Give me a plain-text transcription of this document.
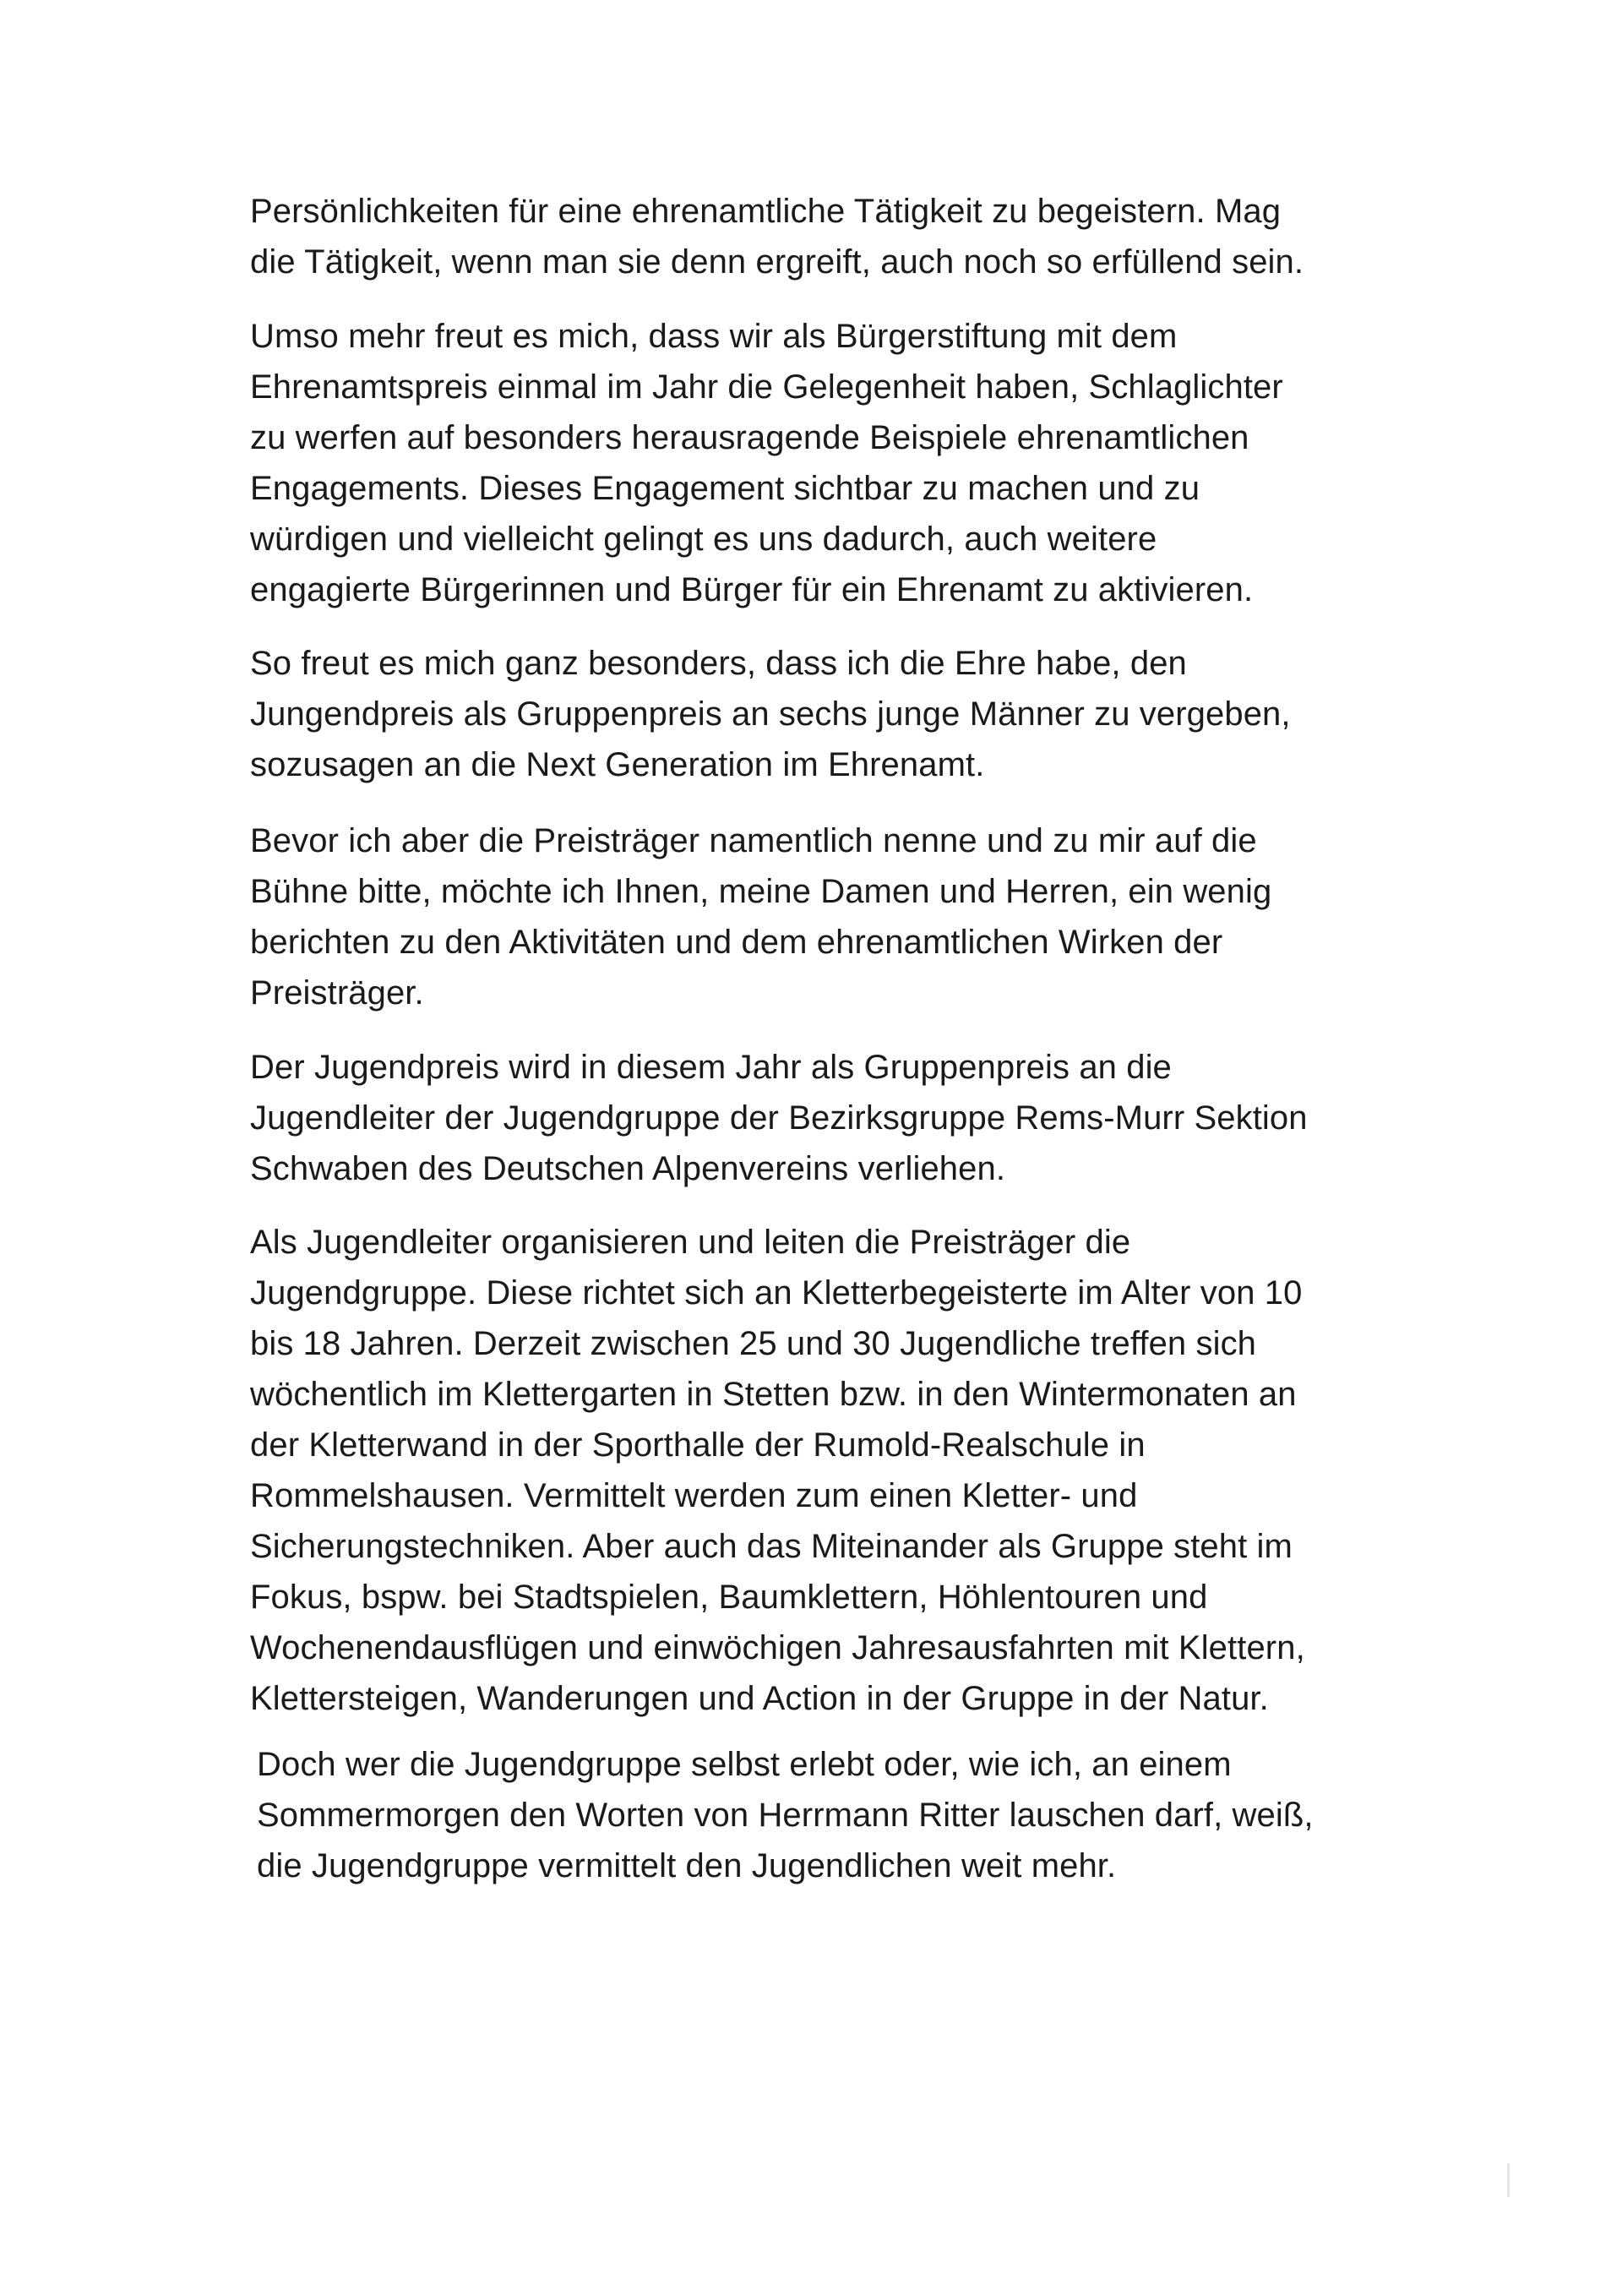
Persönlichkeiten für eine ehrenamtliche Tätigkeit zu begeistern. Mag
die Tätigkeit, wenn man sie denn ergreift, auch noch so erfüllend sein.

Umso mehr freut es mich, dass wir als Bürgerstiftung mit dem
Ehrenamtspreis einmal im Jahr die Gelegenheit haben, Schlaglichter
zu werfen auf besonders herausragende Beispiele ehrenamtlichen
Engagements. Dieses Engagement sichtbar zu machen und zu
würdigen und vielleicht gelingt es uns dadurch, auch weitere
engagierte Bürgerinnen und Bürger für ein Ehrenamt zu aktivieren.

So freut es mich ganz besonders, dass ich die Ehre habe, den
Jungendpreis als Gruppenpreis an sechs junge Männer zu vergeben,
sozusagen an die Next Generation im Ehrenamt.

Bevor ich aber die Preisträger namentlich nenne und zu mir auf die
Bühne bitte, möchte ich Ihnen, meine Damen und Herren, ein wenig
berichten zu den Aktivitäten und dem ehrenamtlichen Wirken der
Preisträger.

Der Jugendpreis wird in diesem Jahr als Gruppenpreis an die
Jugendleiter der Jugendgruppe der Bezirksgruppe Rems-Murr Sektion
Schwaben des Deutschen Alpenvereins verliehen.

Als Jugendleiter organisieren und leiten die Preisträger die
Jugendgruppe. Diese richtet sich an Kletterbegeisterte im Alter von 10
bis 18 Jahren. Derzeit zwischen 25 und 30 Jugendliche treffen sich
wöchentlich im Klettergarten in Stetten bzw. in den Wintermonaten an
der Kletterwand in der Sporthalle der Rumold-Realschule in
Rommelshausen. Vermittelt werden zum einen Kletter- und
Sicherungstechniken. Aber auch das Miteinander als Gruppe steht im
Fokus, bspw. bei Stadtspielen, Baumklettern, Höhlentouren und
Wochenendausflügen und einwöchigen Jahresausfahrten mit Klettern,
Klettersteigen, Wanderungen und Action in der Gruppe in der Natur.

Doch wer die Jugendgruppe selbst erlebt oder, wie ich, an einem
Sommermorgen den Worten von Herrmann Ritter lauschen darf, weiß,
die Jugendgruppe vermittelt den Jugendlichen weit mehr.
